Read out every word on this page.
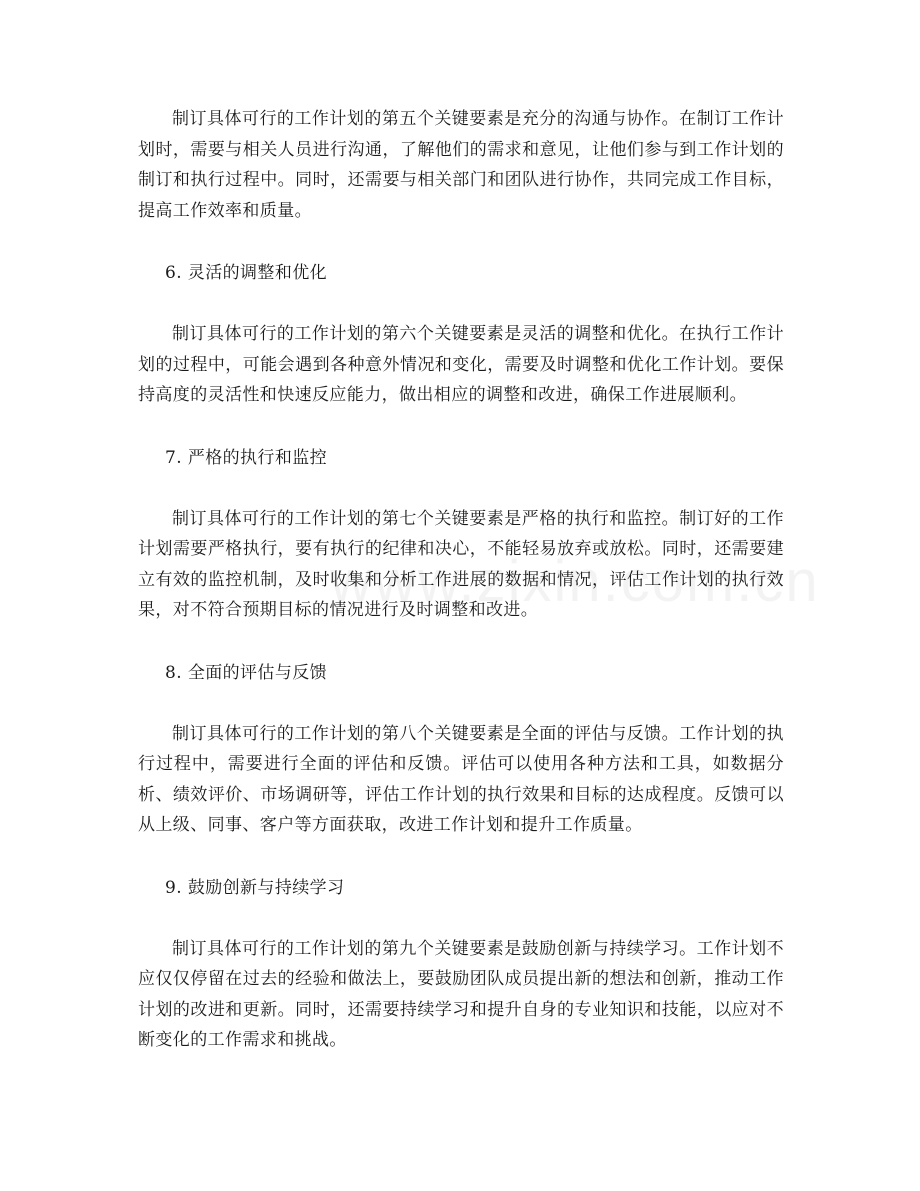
制订具体可行的工作计划的第五个关键要素是充分的沟通与协作。在制订工作计划时，需要与相关人员进行沟通，了解他们的需求和意见，让他们参与到工作计划的制订和执行过程中。同时，还需要与相关部门和团队进行协作，共同完成工作目标，提高工作效率和质量。

6. 灵活的调整和优化

制订具体可行的工作计划的第六个关键要素是灵活的调整和优化。在执行工作计划的过程中，可能会遇到各种意外情况和变化，需要及时调整和优化工作计划。要保持高度的灵活性和快速反应能力，做出相应的调整和改进，确保工作进展顺利。

7. 严格的执行和监控

制订具体可行的工作计划的第七个关键要素是严格的执行和监控。制订好的工作计划需要严格执行，要有执行的纪律和决心，不能轻易放弃或放松。同时，还需要建立有效的监控机制，及时收集和分析工作进展的数据和情况，评估工作计划的执行效果，对不符合预期目标的情况进行及时调整和改进。

8. 全面的评估与反馈

制订具体可行的工作计划的第八个关键要素是全面的评估与反馈。工作计划的执行过程中，需要进行全面的评估和反馈。评估可以使用各种方法和工具，如数据分析、绩效评价、市场调研等，评估工作计划的执行效果和目标的达成程度。反馈可以从上级、同事、客户等方面获取，改进工作计划和提升工作质量。

9. 鼓励创新与持续学习

制订具体可行的工作计划的第九个关键要素是鼓励创新与持续学习。工作计划不应仅仅停留在过去的经验和做法上，要鼓励团队成员提出新的想法和创新，推动工作计划的改进和更新。同时，还需要持续学习和提升自身的专业知识和技能，以应对不断变化的工作需求和挑战。
